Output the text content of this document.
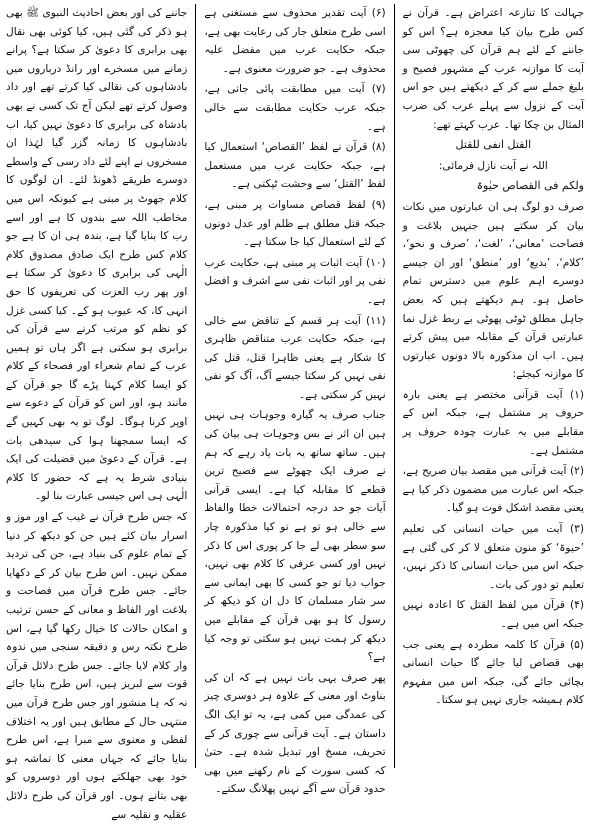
جہالت کا تنازعہ اعتراض ہے۔ قرآن نے کس طرح بیان کیا معجزہ ہے؟ اس کو جاننے کے لئے ہم قرآن کی چھوٹی سی آیت کا موازنہ عرب کے مشہور فصیح و بلیغ جملے سے کر کے دیکھتے ہیں جو اس آیت کے نزول سے پہلے عرب کی ضرب المثال بن چکا تھا۔ عرب کہتے تھے:

القتل انفی للقتل

اللہ نے آیت نازل فرمائی:

ولکم فی القصاص حیٰوۃ

صرف دو لوگ ہی ان عبارتوں میں نکات بیان کر سکتے ہیں جنہیں بلاغت و فصاحت ’معانی‘، ’لغت‘، ’صرف و نحو‘، ’کلام‘، ’بدیع‘ اور ’منطق‘ اور ان جیسے دوسرے اہم علوم میں دسترس تمام حاصل ہو۔ ہم دیکھتے ہیں کہ بعض جاہل مطلق ٹوٹی پھوٹی بے ربط غزل نما عبارتیں قرآن کے مقابلہ میں پیش کرتے ہیں۔ اب ان مذکورہ بالا دونوں عبارتوں کا موازنہ کیجئے:

(۱) آیت قرآنی مختصر ہے یعنی بارہ حروف پر مشتمل ہے، جبکہ اس کے مقابلے میں یہ عبارت چودہ حروف پر مشتمل ہے۔

(۲) آیت قرآنی میں مقصد بیان صریح ہے، جبکہ اس عبارت میں مضمون ذکر کیا ہے یعنی مقصد اشکل فوت ہو گیا۔

(۳) آیت میں حیات انسانی کی تعلیم ’حیوۃ‘ کو منون متعلق لا کر کی گئی ہے جبکہ اس میں حیات انسانی کا ذکر نہیں، تعلیم تو دور کی بات۔

(۴) قرآن میں لفظ القتل کا اعادہ نہیں جبکہ اس میں ہے۔

(۵) قرآن کا کلمہ مطردہ ہے یعنی جب بھی قصاص لیا جائے گا حیات انسانی بچائی جائے گی، جبکہ اس میں مفہوم کلام ہمیشہ جاری نہیں ہو سکتا۔

(۶) آیت تقدیر محذوف سے مستغنی ہے اسی طرح متعلق جار کی رعایت بھی ہے، جبکہ حکایت عرب میں مفضل علیہ محذوف ہے۔ جو ضرورت معنوی ہے۔

(۷) آیت میں مطابقت پائی جاتی ہے، جبکہ عرب حکایت مطابقت سے خالی ہے۔

(۸) قرآن نے لفظ ’القصاص‘ استعمال کیا ہے، جبکہ حکایت عرب میں مستعمل لفظ ’القتل‘ سے وحشت ٹپکتی ہے۔

(۹) لفظ قصاص مساوات پر مبنی ہے، جبکہ قتل مطلق ہے ظلم اور عدل دونوں کے لئے استعمال کیا جا سکتا ہے۔

(۱۰) آیت اثبات پر مبنی ہے، حکایت عرب نفی پر اور اثبات نفی سے اشرف و افضل ہے۔

(۱۱) آیت ہر قسم کے تناقض سے خالی ہے، جبکہ حکایت عرب متناقض ظاہری کا شکار ہے یعنی ظاہرا قتل، قتل کی نفی نہیں کر سکتا جیسے آگ، آگ کو نفی نہیں کر سکتی ہے۔

جناب صرف یہ گیارہ وجوہات ہی نہیں ہیں ان اثر نے بس وجوہات ہی بیان کی ہیں۔ ساتھ ساتھ یہ بات یاد رہے کہ ہم نے صرف ایک چھوٹے سے فصیح ترین قطعے کا مقابلہ کیا ہے۔ ایسی قرآنی آیات جو حد درجہ احتمالات خطا والفاظ سے خالی ہو تو ہے تو کیا مذکورہ چار سو سطر بھی لے جا کر پوری اس کا ذکر نہیں اور کسی عرفی کا کلام بھی نہیں، جواب دیا تو جو کسی کا بھی ایمانی سے سر شار مسلمان کا دل ان کو دیکھ کر رسول کا ہو بھی قرآن کے مقابلے میں دیکھ کر ہمت نہیں ہو سکتی تو وجہ کیا ہے؟

پھر صرف یہی بات نہیں ہے کہ ان کی بناوٹ اور معنی کے علاوہ ہر دوسری چیز کی عمدگی میں کمی ہے، یہ تو ایک الگ داستان ہے۔ آیت قرآنی سے چوری کر کے تحریف، مسخ اور تبدیل شدہ ہے۔ حتیٰ کہ کسی سورت کے نام رکھنے میں بھی حدود قرآن سے آگے نہیں پھلانگ سکتے۔

جاننے کی اور بعض احادیث النبوی ﷺ بھی ہو ذکر کی گئی ہیں، کیا کوئی بھی نقال بھی برابری کا دعویٰ کر سکتا ہے؟ پرانے زمانے میں مسخرے اور رانڈ درباروں میں بادشاہوں کی نقالی کیا کرتے تھے اور داد وصول کرتے تھے لیکن آج تک کسی نے بھی بادشاہ کی برابری کا دعویٰ نہیں کیا، اب بادشاہوں کا زمانہ گزر گیا لہٰذا ان مسخروں نے اپنے لئے داد رسی کے واسطے دوسرے طریقے ڈھونڈ لئے۔ ان لوگوں کا کلام جھوٹ پر مبنی ہے کیونکہ اس میں مخاطب اللہ سے بندوں کا ہے اور اسے رب کا بنایا گیا ہے، بندہ ہی ان کا ہے جو کلام کس طرح ایک صادق مصدوق کلام الٰہی کی برابری کا دعویٰ کر سکتا ہے اور پھر رب العزت کی تعریفوں کا حق انہی کا، کہ عیوب ہو کے۔ کیا کسی غزل کو نظم کو مرتب کرنے سے قرآن کی برابری ہو سکتی ہے اگر ہاں تو ہمیں عرب کے تمام شعراء اور فصحاء کے کلام کو ایسا کلام کہنا پڑے گا جو قرآن کے مانند ہو، اور اس کو قرآن کے دعوے سے اوپر کرنا ہوگا۔ لوگ تو یہ بھی کہیں گے کہ ایسا سمجھنا ہوا کی سیدھی بات ہے۔ قرآن کے دعویٰ میں فضیلت کی ایک بنیادی شرط یہ ہے کہ حضور کا کلام الٰہی ہی اس جیسی عبارت بنا لو۔

کہ جس طرح قرآن نے غیب کے اور موز و اسرار بیان کئے ہیں جن کو دیکھ کر دنیا کے تمام علوم کی بنیاد ہے، جن کی تردید ممکن نہیں۔ اس طرح بیان کر کے دکھایا جائے۔ جس طرح قرآن میں فصاحت و بلاغت اور الفاظ و معانی کے حسن ترتیب و امکان حالات کا خیال رکھا گیا ہے، اس طرح نکتہ رس و دقیقہ سنجی میں ندوہ وار کلام لایا جائے۔ جس طرح دلائل قرآن قوت سے لبریز ہیں، اس طرح بنایا جائے نہ کہ ہا منشور اور جس طرح قرآن میں منتہی حال کے مطابق ہیں اور یہ اختلاف لفظی و معنوی سے مبرا ہے، اس طرح بنایا جائے کہ جہاں معنی کا تماشہ ہو خود بھی جھلکتے ہوں اور دوسروں کو بھی بتانے ہوں۔ اور قرآن کی طرح دلائل عقلیہ و نقلیہ سے
